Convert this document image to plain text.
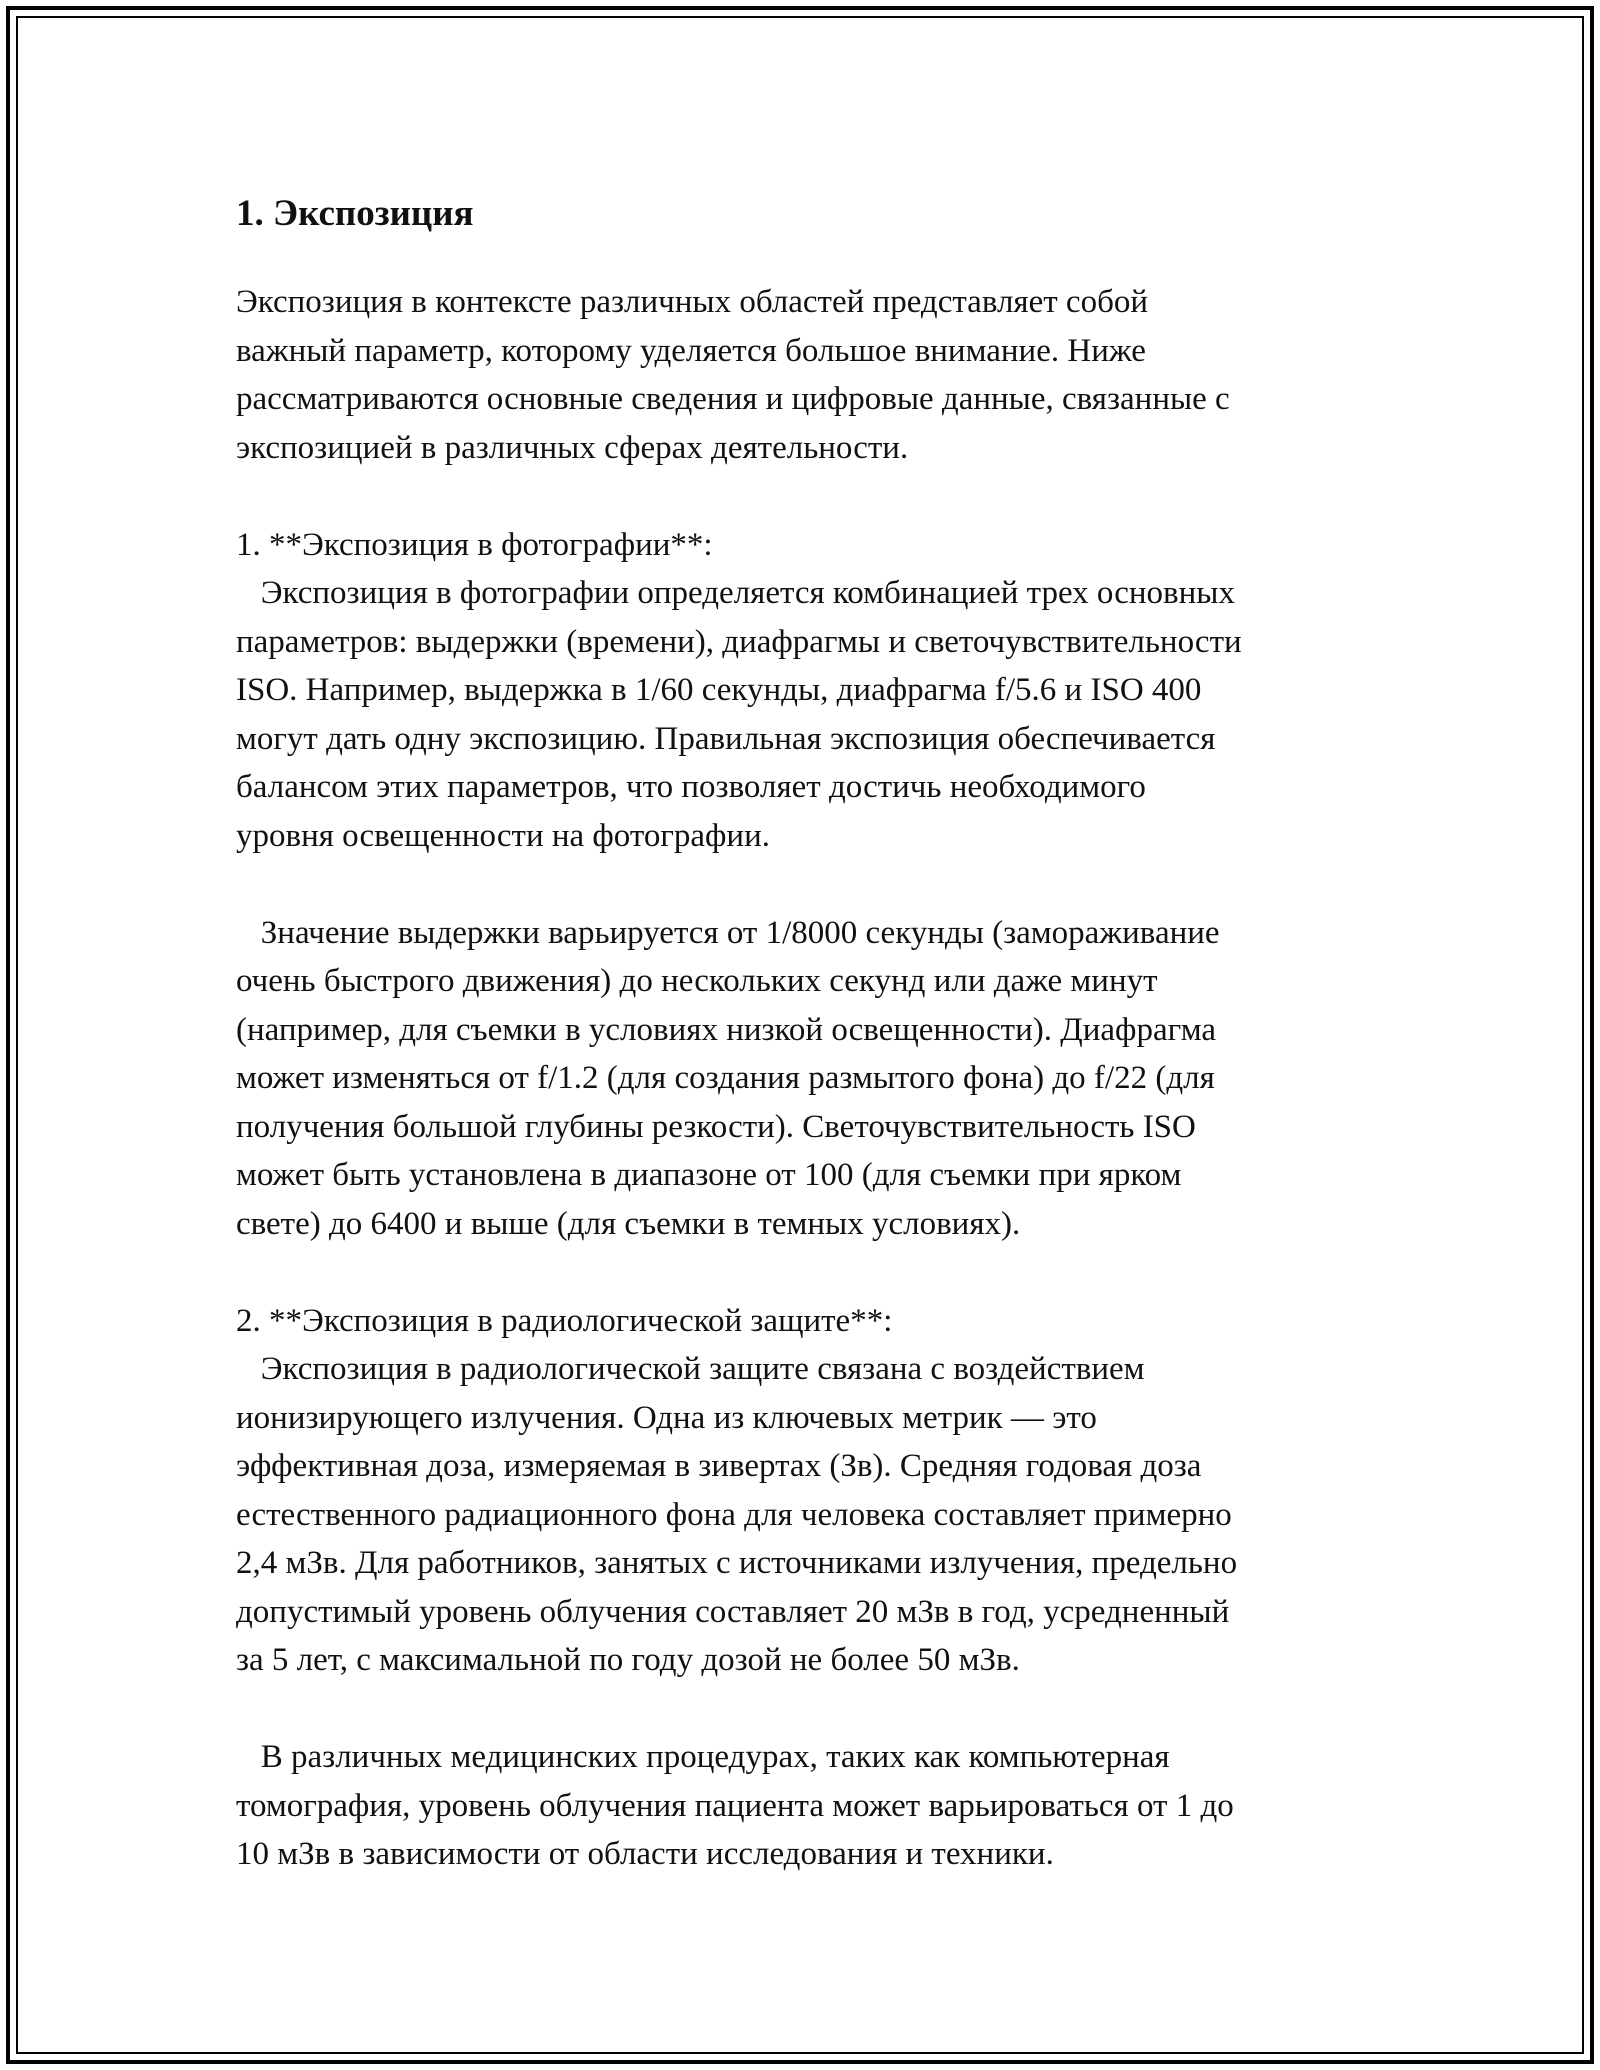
1. Экспозиция

Экспозиция в контексте различных областей представляет собой
важный параметр, которому уделяется большое внимание. Ниже
рассматриваются основные сведения и цифровые данные, связанные с
экспозицией в различных сферах деятельности.

1. **Экспозиция в фотографии**:

Экспозиция в фотографии определяется комбинацией трех основных
параметров: выдержки (времени), диафрагмы и светочувствительности
ISO. Например, выдержка в 1/60 секунды, диафрагма f/5.6 и ISO 400
могут дать одну экспозицию. Правильная экспозиция обеспечивается
балансом этих параметров, что позволяет достичь необходимого
уровня освещенности на фотографии.

Значение выдержки варьируется от 1/8000 секунды (замораживание
очень быстрого движения) до нескольких секунд или даже минут
(например, для съемки в условиях низкой освещенности). Диафрагма
может изменяться от f/1.2 (для создания размытого фона) до f/22 (для
получения большой глубины резкости). Светочувствительность ISO
может быть установлена в диапазоне от 100 (для съемки при ярком
свете) до 6400 и выше (для съемки в темных условиях).

2. **Экспозиция в радиологической защите**:

Экспозиция в радиологической защите связана с воздействием
ионизирующего излучения. Одна из ключевых метрик — это
эффективная доза, измеряемая в зивертах (Зв). Средняя годовая доза
естественного радиационного фона для человека составляет примерно
2,4 мЗв. Для работников, занятых с источниками излучения, предельно
допустимый уровень облучения составляет 20 мЗв в год, усредненный
за 5 лет, с максимальной по году дозой не более 50 мЗв.

В различных медицинских процедурах, таких как компьютерная
томография, уровень облучения пациента может варьироваться от 1 до
10 мЗв в зависимости от области исследования и техники.
